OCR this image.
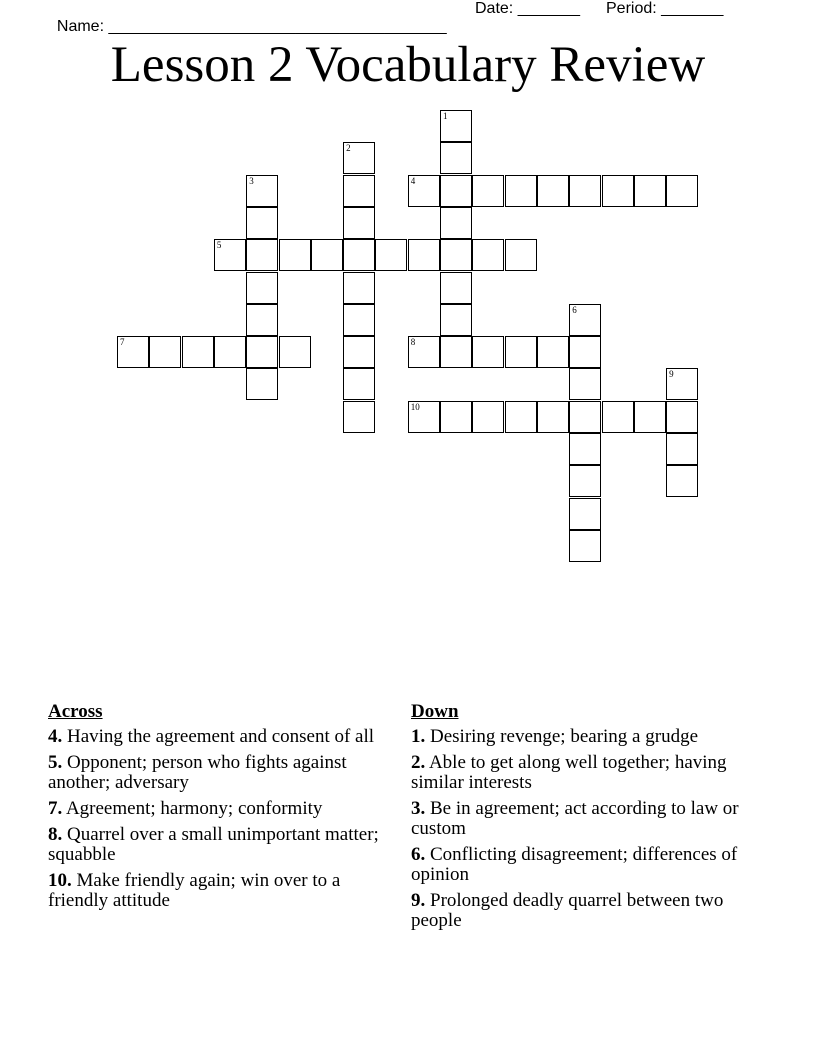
Name: ______________________________________

Date: _______

Period: _______

Lesson 2 Vocabulary Review
1
2
3	4
5
6
7	8
9
10
Across
4. Having the agreement and consent of all
5. Opponent; person who fights against another; adversary
7. Agreement; harmony; conformity
8. Quarrel over a small unimportant matter; squabble
10. Make friendly again; win over to a friendly attitude
Down
1. Desiring revenge; bearing a grudge
2. Able to get along well together; having similar interests
3. Be in agreement; act according to law or custom
6. Conflicting disagreement; differences of opinion
9. Prolonged deadly quarrel between two people
